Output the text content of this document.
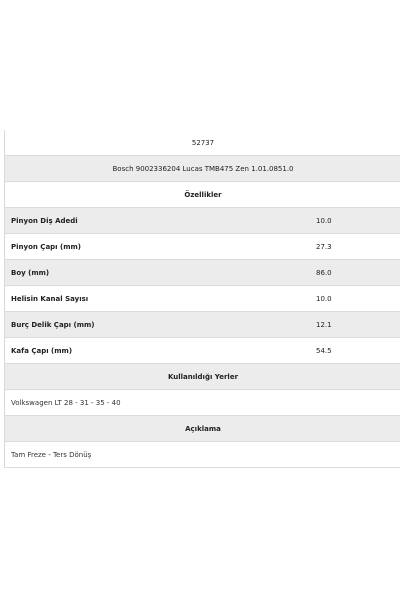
52737
Bosch 9002336204 Lucas TMB475 Zen 1.01.0851.0
Özellikler
Pinyon Diş Adedi	10.0
Pinyon Çapı (mm)	27.3
Boy (mm)	86.0
Helisin Kanal Sayısı	10.0
Burç Delik Çapı (mm)	12.1
Kafa Çapı (mm)	54.5
Kullanıldığı Yerler
Volkswagen LT 28 - 31 - 35 - 40
Açıklama
Tam Freze - Ters Dönüş
